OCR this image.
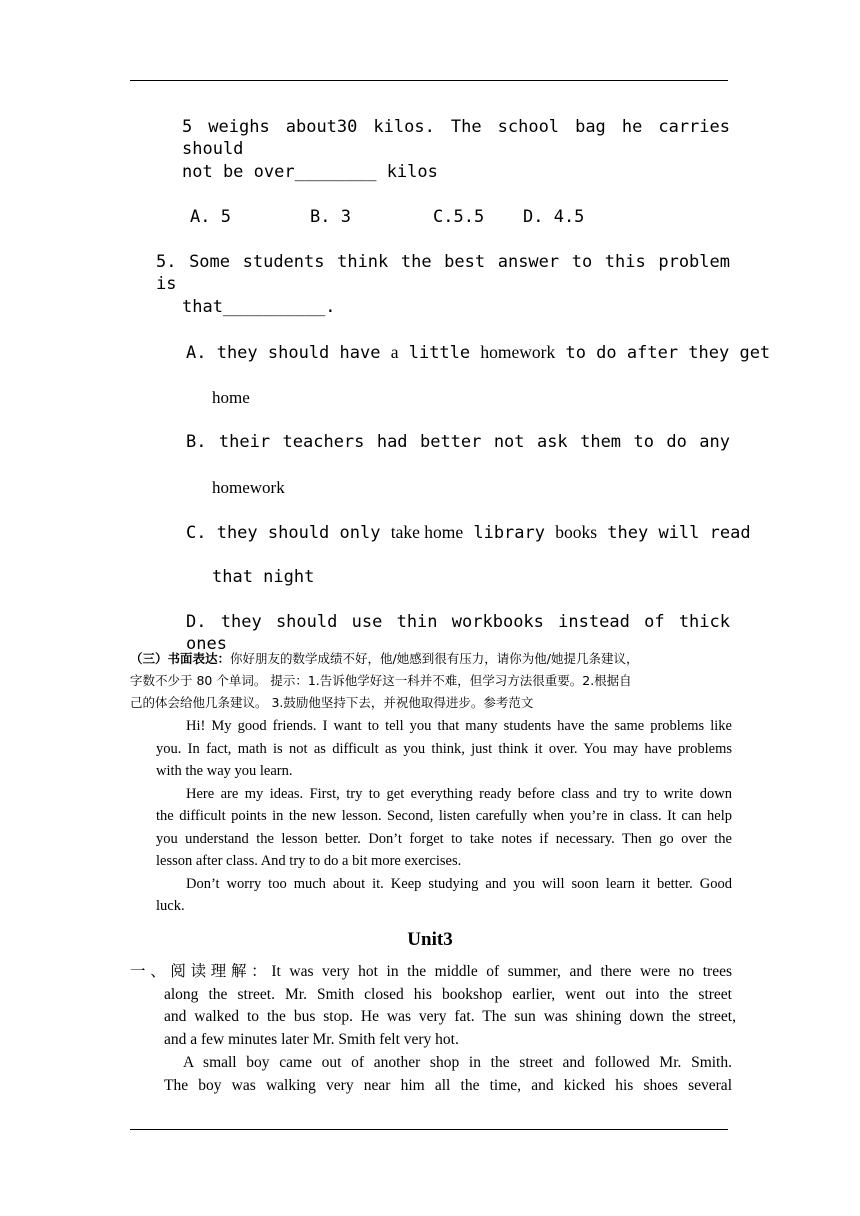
5 weighs about30 kilos. The school bag he carries should
not be over________ kilos
A. 5	B. 3	C.5.5 D. 4.5
5. Some students think the best answer to this problem is
that__________.
A. they should have a little homework to do after they get
home
B. their teachers had better not ask them to do any
homework
C. they should only take home library books they will read
that night
D. they should use thin workbooks instead of thick ones
（三）书面表达：你好朋友的数学成绩不好，他/她感到很有压力，请你为他/她提几条建议，
字数不少于 80 个单词。 提示：1.告诉他学好这一科并不难，但学习方法很重要。2.根据自
己的体会给他几条建议。 3.鼓励他坚持下去，并祝他取得进步。参考范文
Hi! My good friends. I want to tell you that many students have the same problems like
you. In fact, math is not as difficult as you think, just think it over. You may have problems
with the way you learn.
Here are my ideas. First, try to get everything ready before class and try to write down
the difficult points in the new lesson. Second, listen carefully when you’re in class. It can help
you understand the lesson better. Don’t forget to take notes if necessary. Then go over the
lesson after class. And try to do a bit more exercises.
Don’t worry too much about it. Keep studying and you will soon learn it better. Good
luck.
Unit3
一、阅读理解：It was very hot in the middle of summer, and there were no trees
along the street. Mr. Smith closed his bookshop earlier, went out into the street
and walked to the bus stop. He was very fat. The sun was shining down the street,
and a few minutes later Mr. Smith felt very hot.
A small boy came out of another shop in the street and followed Mr. Smith.
The boy was walking very near him all the time, and kicked his shoes several
